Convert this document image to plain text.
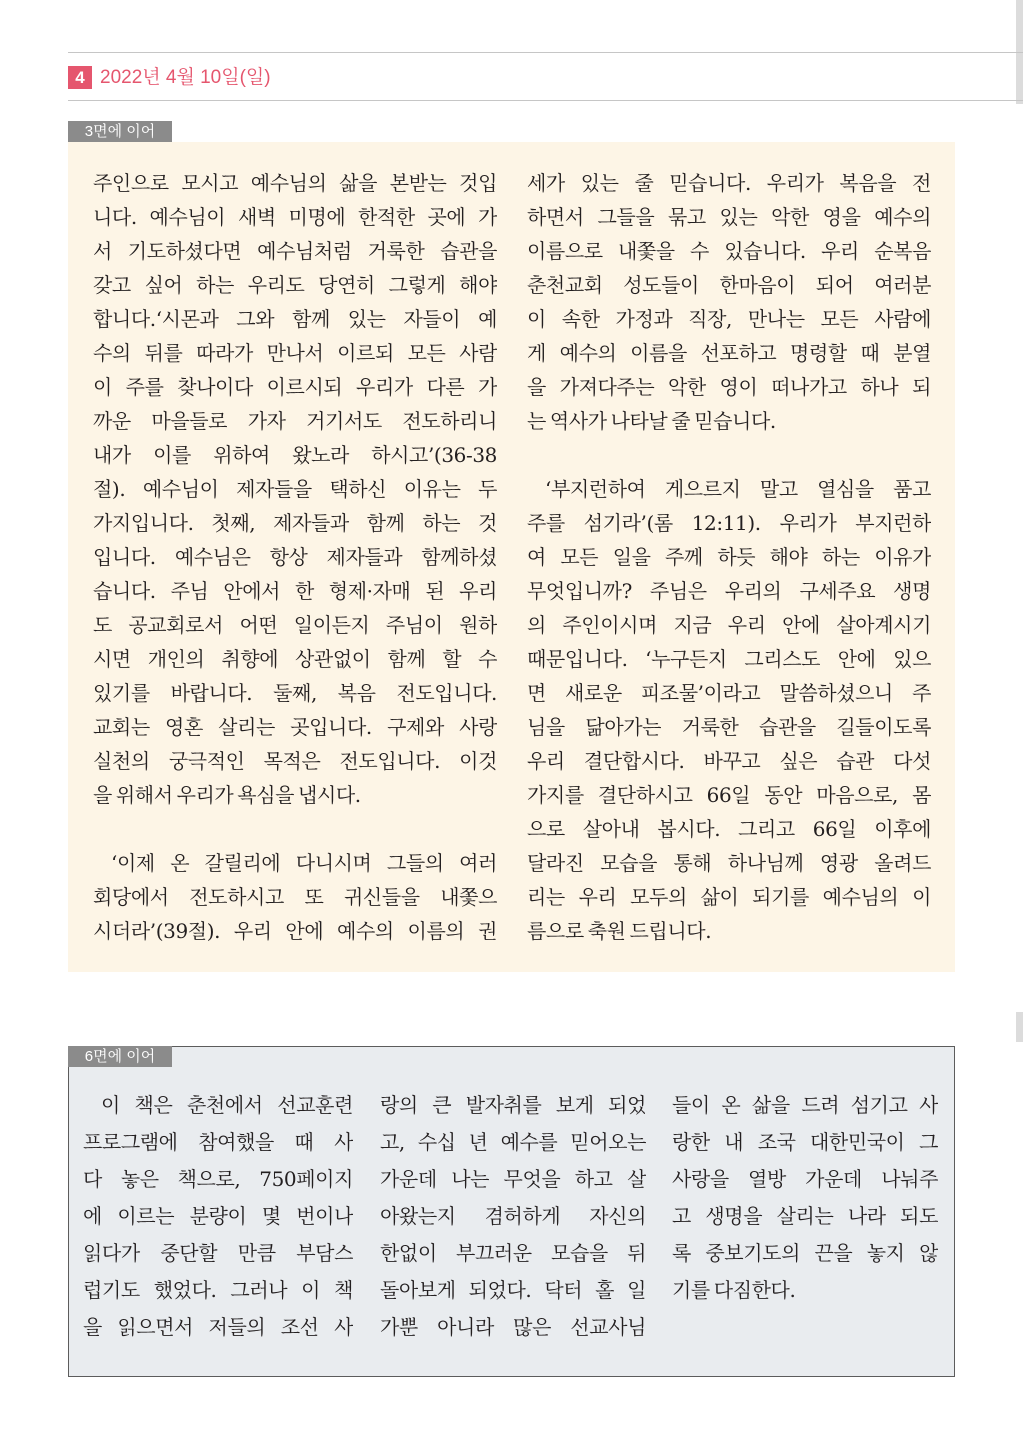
4 2022년 4월 10일(일)
3면에 이어
주인으로 모시고 예수님의 삶을 본받는 것입
니다. 예수님이 새벽 미명에 한적한 곳에 가
서 기도하셨다면 예수님처럼 거룩한 습관을
갖고 싶어 하는 우리도 당연히 그렇게 해야
합니다.‘시몬과 그와 함께 있는 자들이 예
수의 뒤를 따라가 만나서 이르되 모든 사람
이 주를 찾나이다 이르시되 우리가 다른 가
까운 마을들로 가자 거기서도 전도하리니
내가 이를 위하여 왔노라 하시고’(36-38
절). 예수님이 제자들을 택하신 이유는 두
가지입니다. 첫째, 제자들과 함께 하는 것
입니다. 예수님은 항상 제자들과 함께하셨
습니다. 주님 안에서 한 형제·자매 된 우리
도 공교회로서 어떤 일이든지 주님이 원하
시면 개인의 취향에 상관없이 함께 할 수
있기를 바랍니다. 둘째, 복음 전도입니다.
교회는 영혼 살리는 곳입니다. 구제와 사랑
실천의 궁극적인 목적은 전도입니다. 이것
을 위해서 우리가 욕심을 냅시다.
‘이제 온 갈릴리에 다니시며 그들의 여러
회당에서 전도하시고 또 귀신들을 내쫓으
시더라’(39절). 우리 안에 예수의 이름의 권
세가 있는 줄 믿습니다. 우리가 복음을 전
하면서 그들을 묶고 있는 악한 영을 예수의
이름으로 내쫓을 수 있습니다. 우리 순복음
춘천교회 성도들이 한마음이 되어 여러분
이 속한 가정과 직장, 만나는 모든 사람에
게 예수의 이름을 선포하고 명령할 때 분열
을 가져다주는 악한 영이 떠나가고 하나 되
는 역사가 나타날 줄 믿습니다.
‘부지런하여 게으르지 말고 열심을 품고
주를 섬기라’(롬 12:11). 우리가 부지런하
여 모든 일을 주께 하듯 해야 하는 이유가
무엇입니까? 주님은 우리의 구세주요 생명
의 주인이시며 지금 우리 안에 살아계시기
때문입니다. ‘누구든지 그리스도 안에 있으
면 새로운 피조물’이라고 말씀하셨으니 주
님을 닮아가는 거룩한 습관을 길들이도록
우리 결단합시다. 바꾸고 싶은 습관 다섯
가지를 결단하시고 66일 동안 마음으로, 몸
으로 살아내 봅시다. 그리고 66일 이후에
달라진 모습을 통해 하나님께 영광 올려드
리는 우리 모두의 삶이 되기를 예수님의 이
름으로 축원 드립니다.
6면에 이어
이 책은 춘천에서 선교훈련
프로그램에 참여했을 때 사
다 놓은 책으로, 750페이지
에 이르는 분량이 몇 번이나
읽다가 중단할 만큼 부담스
럽기도 했었다. 그러나 이 책
을 읽으면서 저들의 조선 사
랑의 큰 발자취를 보게 되었
고, 수십 년 예수를 믿어오는
가운데 나는 무엇을 하고 살
아왔는지 겸허하게 자신의
한없이 부끄러운 모습을 뒤
돌아보게 되었다. 닥터 홀 일
가뿐 아니라 많은 선교사님
들이 온 삶을 드려 섬기고 사
랑한 내 조국 대한민국이 그
사랑을 열방 가운데 나눠주
고 생명을 살리는 나라 되도
록 중보기도의 끈을 놓지 않
기를 다짐한다.
